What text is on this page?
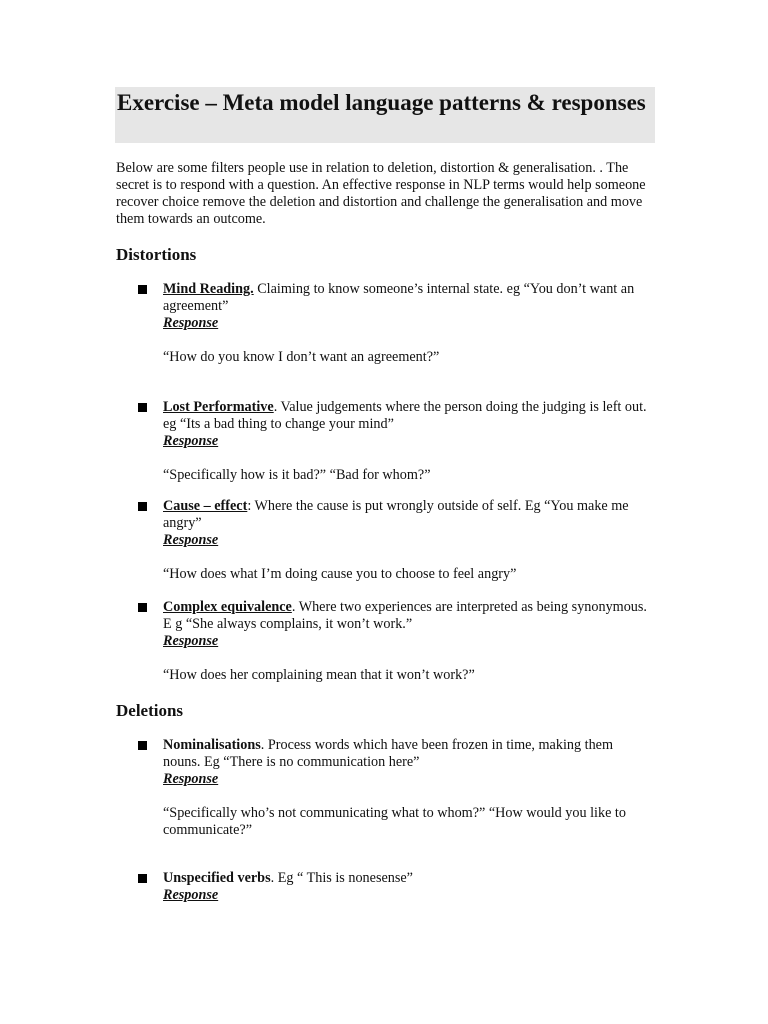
Exercise – Meta model language patterns & responses

Below are some filters people use in relation to deletion, distortion & generalisation. . The secret is to respond with a question. An effective response in NLP terms would help someone recover choice remove the deletion and distortion and challenge the generalisation and move them towards an outcome.

Distortions
Mind Reading. Claiming to know someone’s internal state. eg “You don’t want an agreement”
Response
“How do you know I don’t want an agreement?”
Lost Performative. Value judgements where the person doing the judging is left out. eg “Its a bad thing to change your mind”
Response
“Specifically how is it bad?” “Bad for whom?”
Cause – effect: Where the cause is put wrongly outside of self. Eg “You make me angry”
Response
“How does what I’m doing cause you to choose to feel angry”
Complex equivalence. Where two experiences are interpreted as being synonymous. E g “She always complains, it won’t work.”
Response
“How does her complaining mean that it won’t work?”
Deletions
Nominalisations. Process words which have been frozen in time, making them nouns. Eg “There is no communication here”
Response
“Specifically who’s not communicating what to whom?” “How would you like to communicate?”
Unspecified verbs. Eg “ This is nonesense”
Response
